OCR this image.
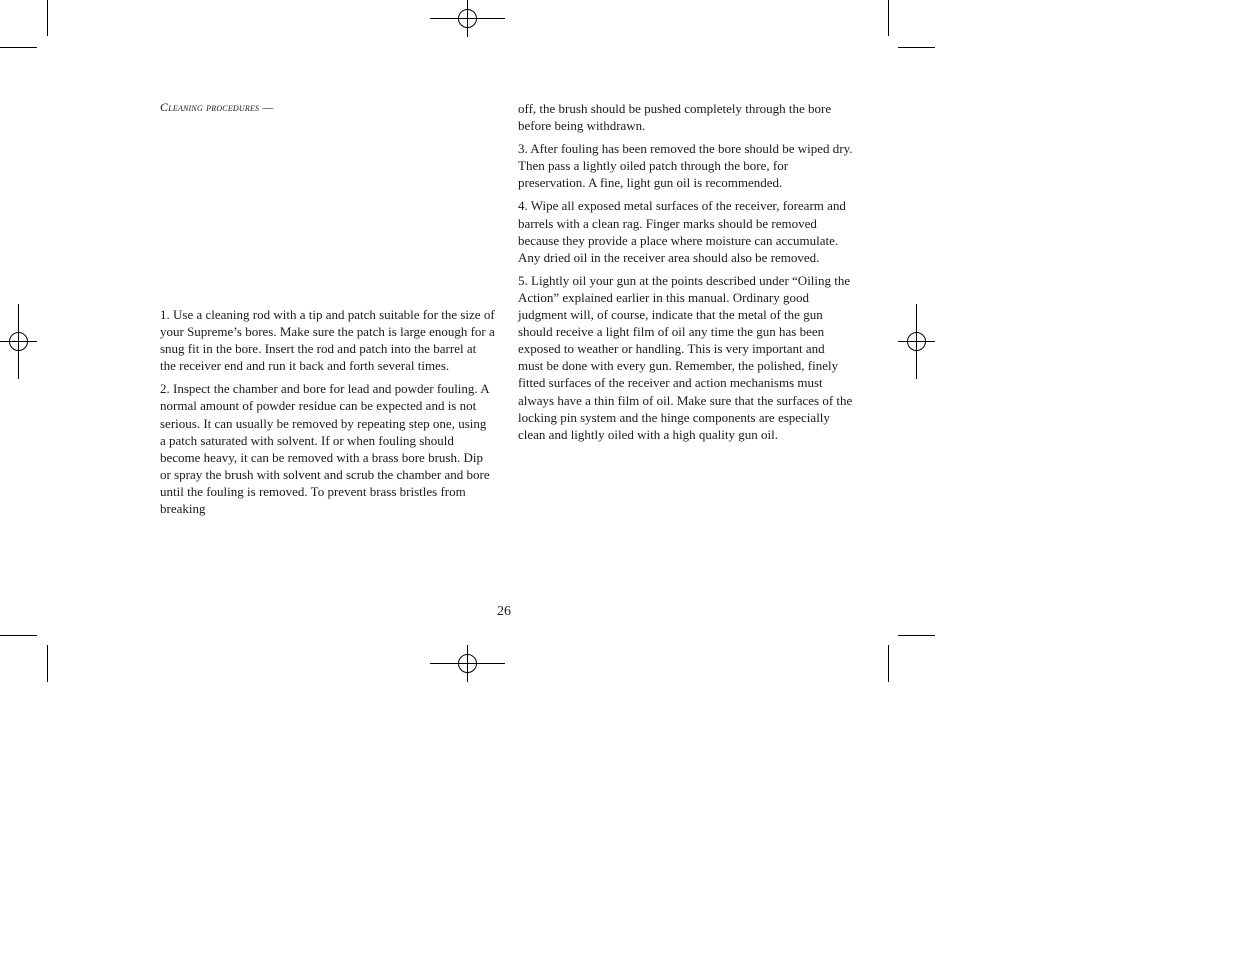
Cleaning procedures —

1. Use a cleaning rod with a tip and patch suitable for the size of your Supreme’s bores. Make sure the patch is large enough for a snug fit in the bore. Insert the rod and patch into the barrel at the receiver end and run it back and forth several times.

2. Inspect the chamber and bore for lead and powder fouling. A normal amount of powder residue can be expected and is not serious. It can usually be removed by repeating step one, using a patch saturated with solvent. If or when fouling should become heavy, it can be removed with a brass bore brush. Dip or spray the brush with solvent and scrub the chamber and bore until the fouling is removed. To prevent brass bristles from breaking

off, the brush should be pushed completely through the bore before being withdrawn.

3. After fouling has been removed the bore should be wiped dry. Then pass a lightly oiled patch through the bore, for preservation. A fine, light gun oil is recommended.

4. Wipe all exposed metal surfaces of the receiver, forearm and barrels with a clean rag. Finger marks should be removed because they provide a place where moisture can accumulate. Any dried oil in the receiver area should also be removed.

5. Lightly oil your gun at the points described under “Oiling the Action” explained earlier in this manual. Ordinary good judgment will, of course, indicate that the metal of the gun should receive a light film of oil any time the gun has been exposed to weather or handling. This is very important and must be done with every gun. Remember, the polished, finely fitted surfaces of the receiver and action mechanisms must always have a thin film of oil. Make sure that the surfaces of the locking pin system and the hinge components are especially clean and lightly oiled with a high quality gun oil.

26
